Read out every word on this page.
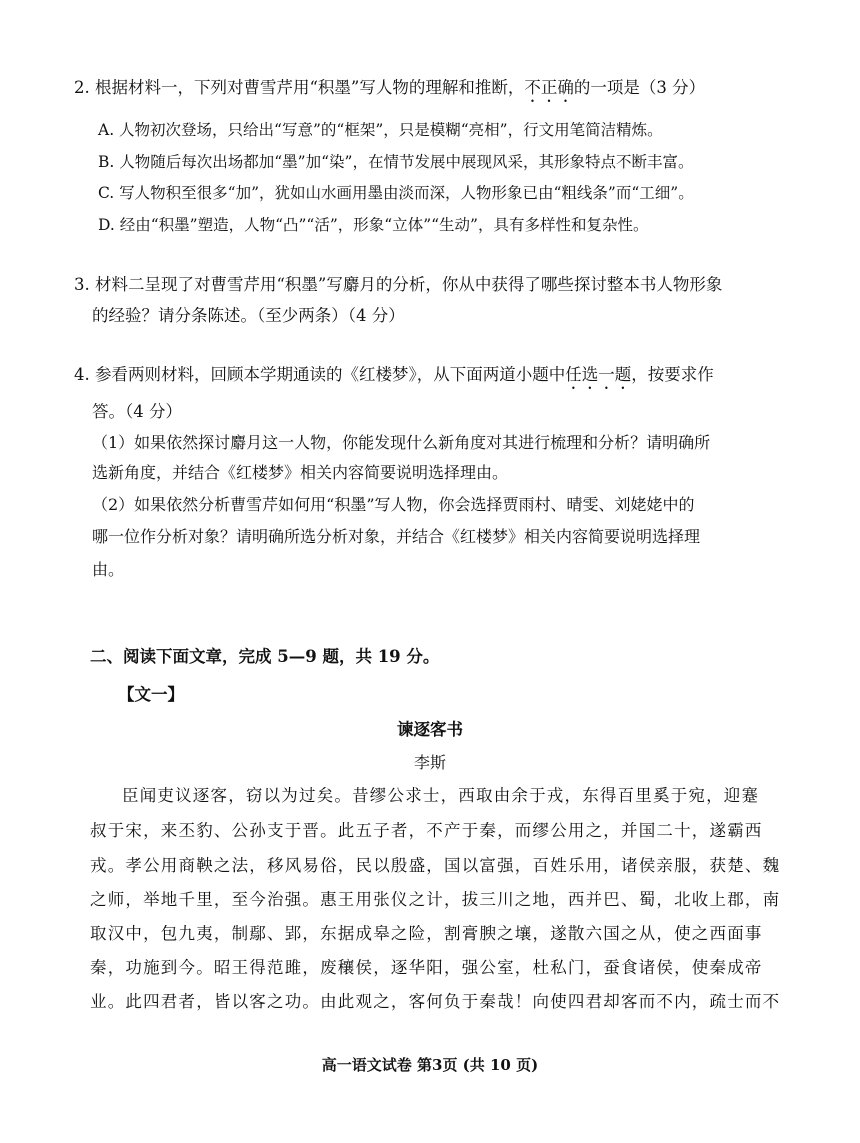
2. 根据材料一，下列对曹雪芹用“积墨”写人物的理解和推断，不正确的一项是（3 分）
A. 人物初次登场，只给出“写意”的“框架”，只是模糊“亮相”，行文用笔简洁精炼。
B. 人物随后每次出场都加“墨”加“染”，在情节发展中展现风采，其形象特点不断丰富。
C. 写人物积至很多“加”，犹如山水画用墨由淡而深，人物形象已由“粗线条”而“工细”。
D. 经由“积墨”塑造，人物“凸”“活”，形象“立体”“生动”，具有多样性和复杂性。
3. 材料二呈现了对曹雪芹用“积墨”写麝月的分析，你从中获得了哪些探讨整本书人物形象
的经验？请分条陈述。（至少两条）（4 分）
4. 参看两则材料，回顾本学期通读的《红楼梦》，从下面两道小题中任选一题，按要求作
答。（4 分）
（1）如果依然探讨麝月这一人物，你能发现什么新角度对其进行梳理和分析？请明确所
选新角度，并结合《红楼梦》相关内容简要说明选择理由。
（2）如果依然分析曹雪芹如何用“积墨”写人物，你会选择贾雨村、晴雯、刘姥姥中的
哪一位作分析对象？请明确所选分析对象，并结合《红楼梦》相关内容简要说明选择理
由。
二、阅读下面文章，完成 5—9 题，共 19 分。
【文一】
谏逐客书
李斯
臣闻吏议逐客，窃以为过矣。昔缪公求士，西取由余于戎，东得百里奚于宛，迎蹇
叔于宋，来丕豹、公孙支于晋。此五子者，不产于秦，而缪公用之，并国二十，遂霸西
戎。孝公用商鞅之法，移风易俗，民以殷盛，国以富强，百姓乐用，诸侯亲服，获楚、魏
之师，举地千里，至今治强。惠王用张仪之计，拔三川之地，西并巴、蜀，北收上郡，南
取汉中，包九夷，制鄢、郢，东据成皋之险，割膏腴之壤，遂散六国之从，使之西面事
秦，功施到今。昭王得范雎，废穰侯，逐华阳，强公室，杜私门，蚕食诸侯，使秦成帝
业。此四君者，皆以客之功。由此观之，客何负于秦哉！向使四君却客而不内，疏士而不
高一语文试卷 第3页 (共 10 页)
